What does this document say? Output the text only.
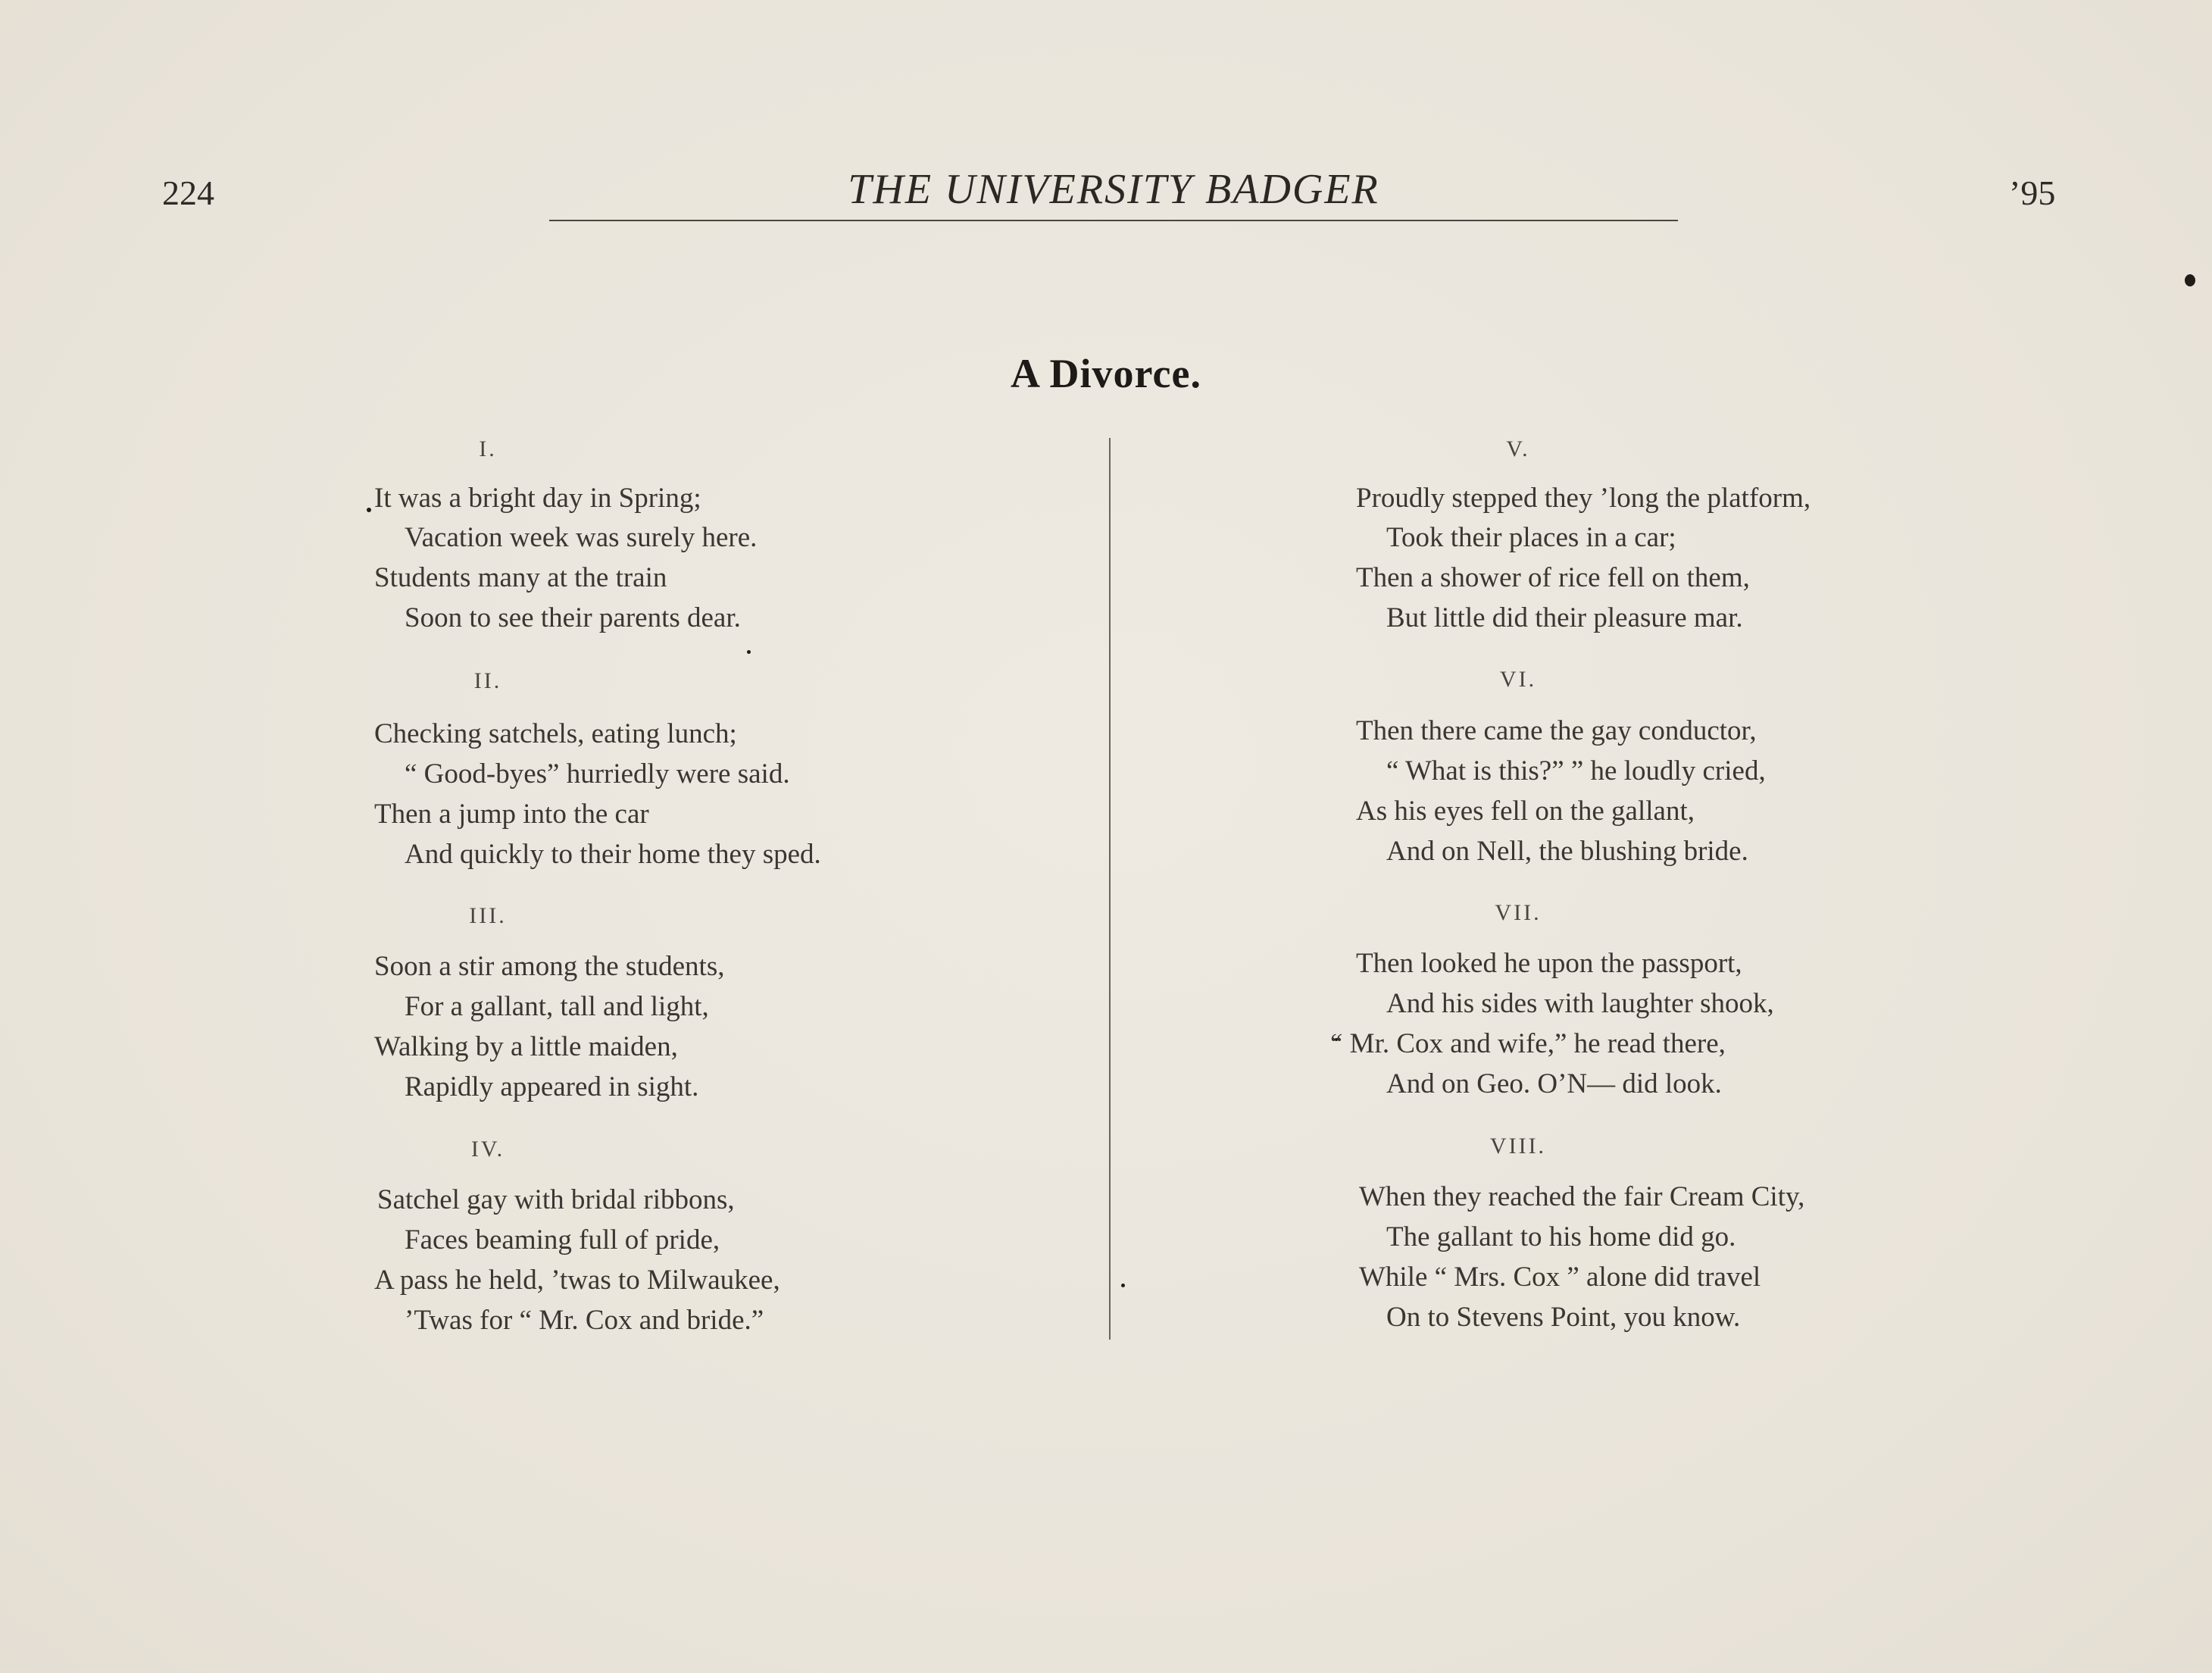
224	THE UNIVERSITY BADGER	’95
A Divorce.
I.
It was a bright day in Spring;
Vacation week was surely here.
Students many at the train
Soon to see their parents dear.
II.
Checking satchels, eating lunch;
“ Good-byes” hurriedly were said.
Then a jump into the car
And quickly to their home they sped.
III.
Soon a stir among the students,
For a gallant, tall and light,
Walking by a little maiden,
Rapidly appeared in sight.
IV.
Satchel gay with bridal ribbons,
Faces beaming full of pride,
A pass he held, ’twas to Milwaukee,
’Twas for “ Mr. Cox and bride.”
V.
Proudly stepped they ’long the platform,
Took their places in a car;
Then a shower of rice fell on them,
But little did their pleasure mar.
VI.
Then there came the gay conductor,
“ What is this?” ” he loudly cried,
As his eyes fell on the gallant,
And on Nell, the blushing bride.
VII.
Then looked he upon the passport,
And his sides with laughter shook,
“ Mr. Cox and wife,” he read there,
And on Geo. O’N— did look.
VIII.
When they reached the fair Cream City,
The gallant to his home did go.
While “ Mrs. Cox ” alone did travel
On to Stevens Point, you know.
